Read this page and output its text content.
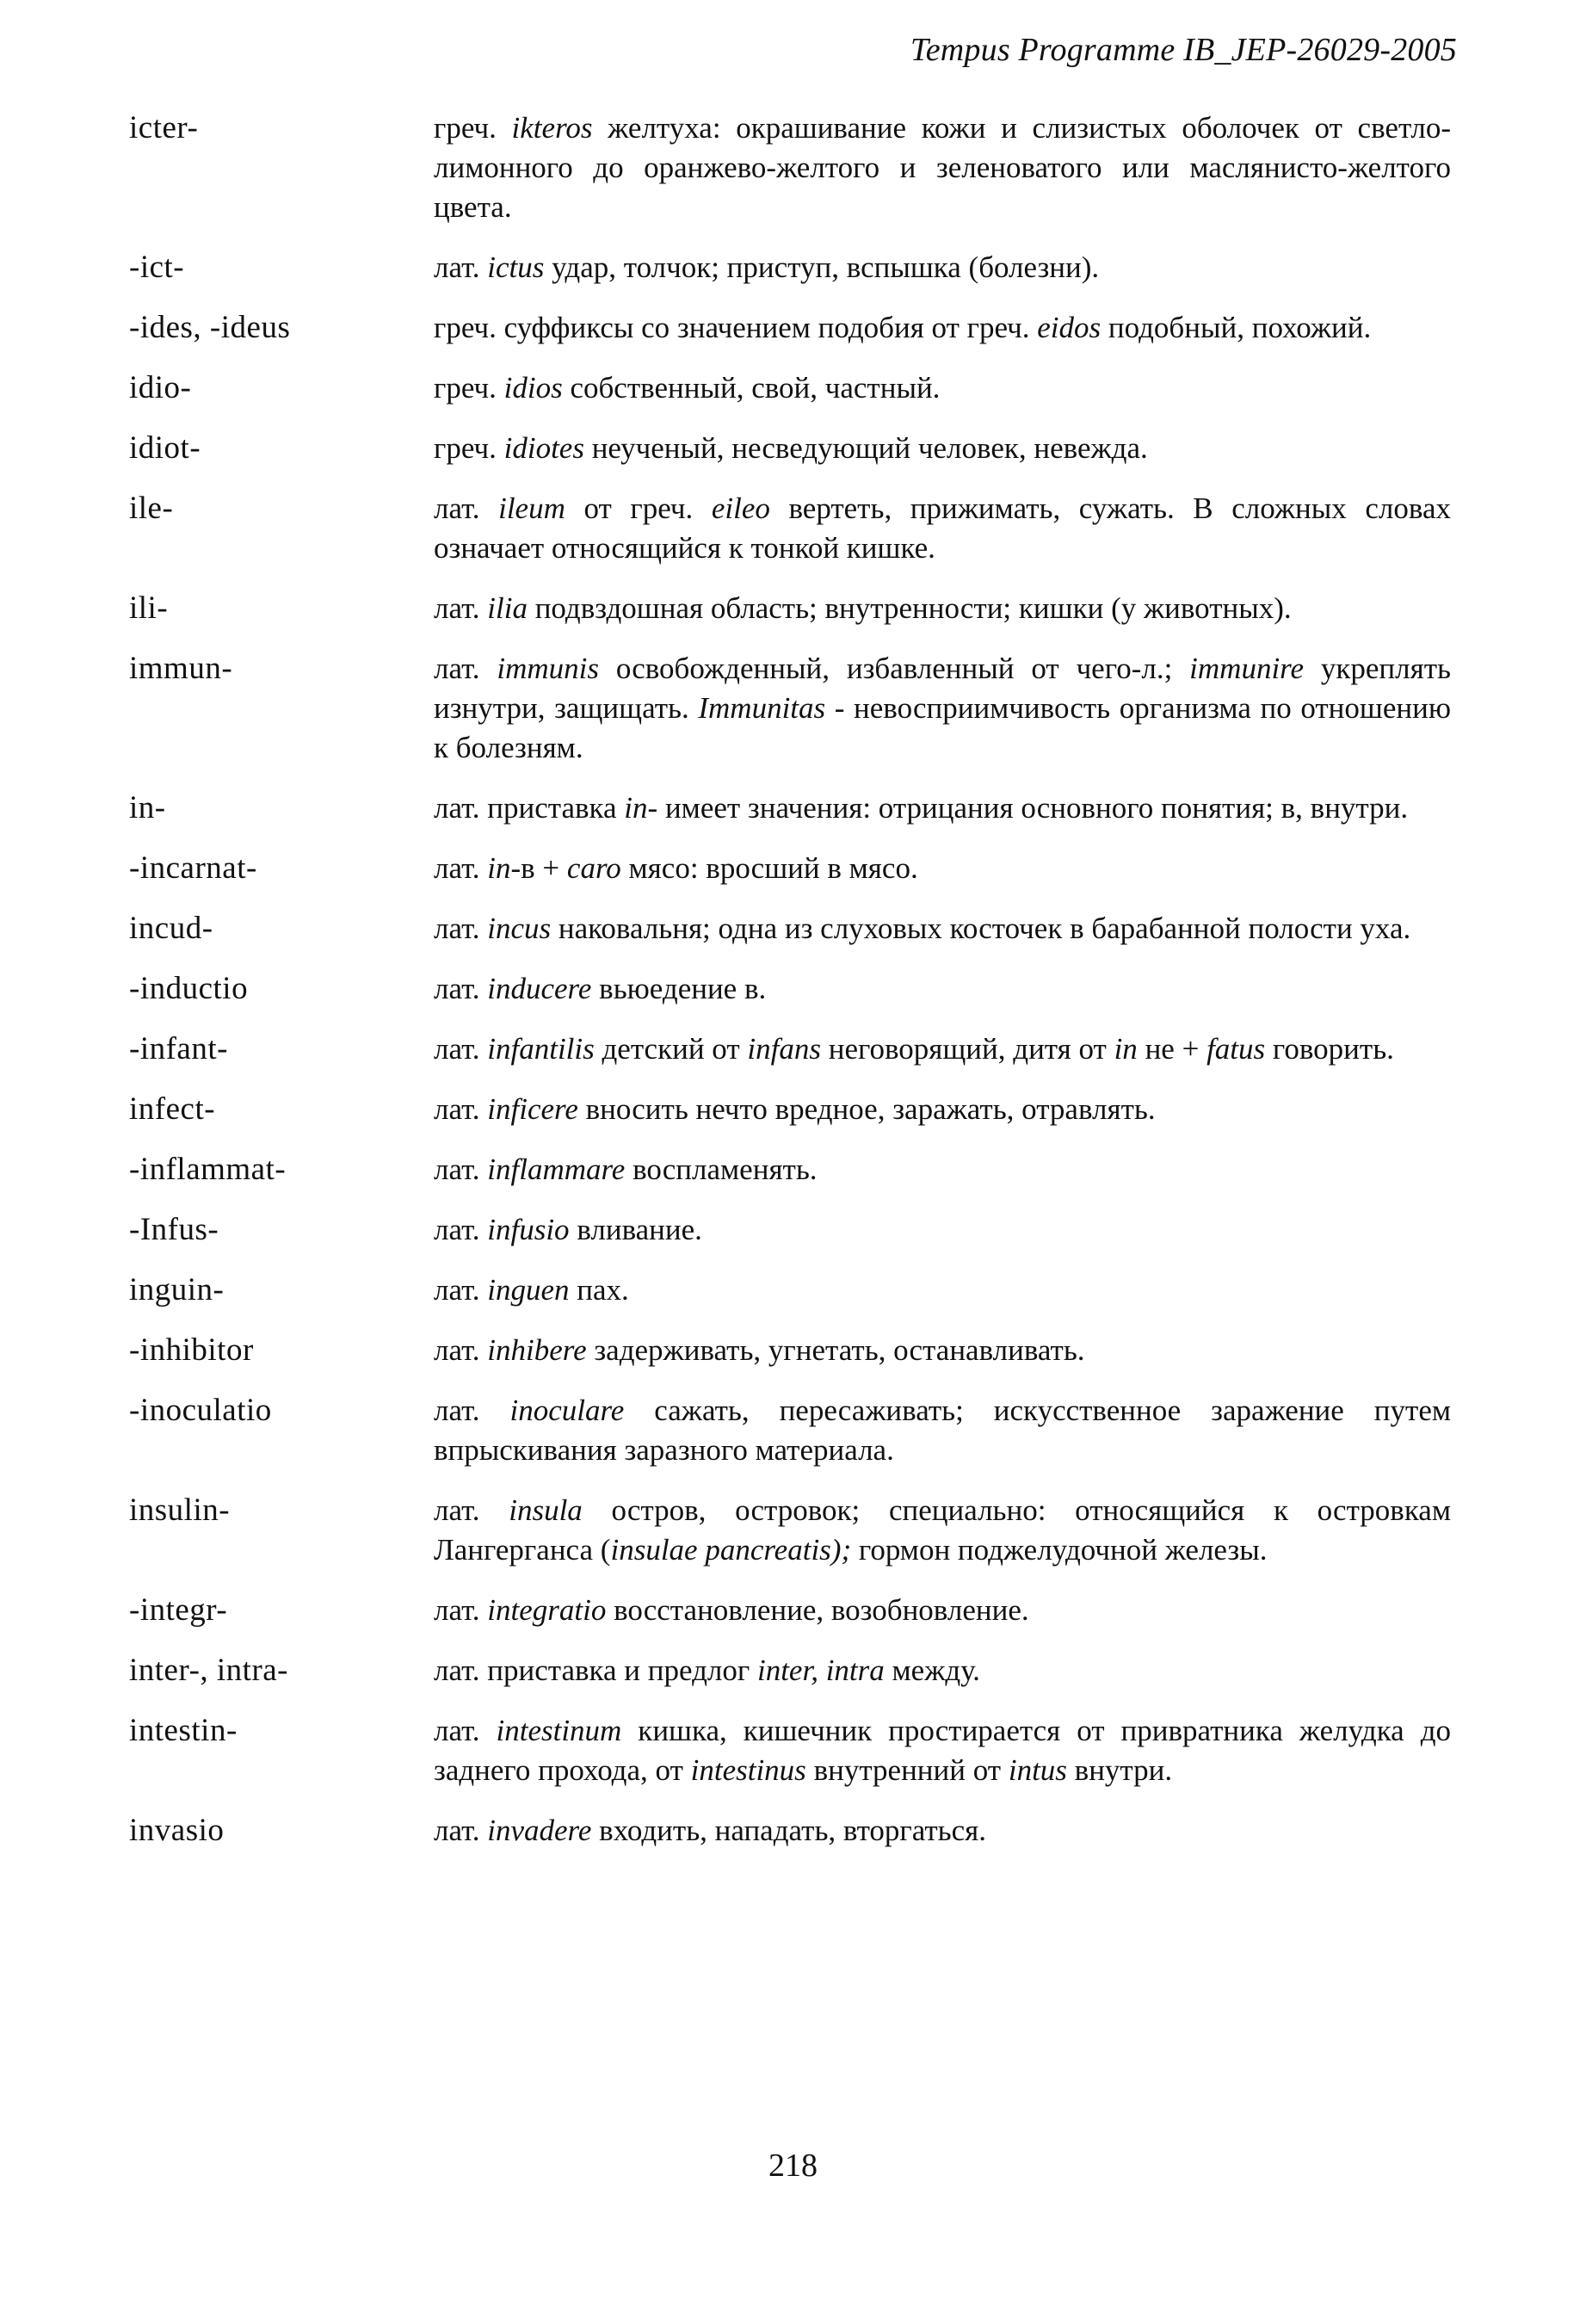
Tempus Programme IB_JEP-26029-2005
icter-	греч. ikteros желтуха: окрашивание кожи и слизистых оболочек от светло-лимонного до оранжево-желтого и зеленоватого или маслянисто-желтого цвета.
-ict-	лат. ictus удар, толчок; приступ, вспышка (болезни).
-ides, -ideus	греч. суффиксы со значением подобия от греч. eidos подобный, похожий.
idio-	греч. idios собственный, свой, частный.
idiot-	греч. idiotes неученый, несведующий человек, невежда.
ile-	лат. ileum от греч. eileo вертеть, прижимать, сужать. В сложных словах означает относящийся к тонкой кишке.
ili-	лат. ilia подвздошная область; внутренности; кишки (у животных).
immun-	лат. immunis освобожденный, избавленный от чего-л.; immunire укреплять изнутри, защищать. Immunitas - невосприимчивость организма по отношению к болезням.
in-	лат. приставка in- имеет значения: отрицания основного понятия; в, внутри.
-incarnat-	лат. in-в + caro мясо: вросший в мясо.
incud-	лат. incus наковальня; одна из слуховых косточек в барабанной полости уха.
-inductio	лат. inducere вьюедение в.
-infant-	лат. infantilis детский от infans неговорящий, дитя от in не + fatus говорить.
infect-	лат. inficere вносить нечто вредное, заражать, отравлять.
-inflammat-	лат. inflammare воспламенять.
-Infus-	лат. infusio вливание.
inguin-	лат. inguen пах.
-inhibitor	лат. inhibere задерживать, угнетать, останавливать.
-inoculatio	лат. inoculare сажать, пересаживать; искусственное заражение путем впрыскивания заразного материала.
insulin-	лат. insula остров, островок; специально: относящийся к островкам Лангерганса (insulae pancreatis); гормон поджелудочной железы.
-integr-	лат. integratio восстановление, возобновление.
inter-, intra-	лат. приставка и предлог inter, intra между.
intestin-	лат. intestinum кишка, кишечник простирается от привратника желудка до заднего прохода, от intestinus внутренний от intus внутри.
invasio	лат. invadere входить, нападать, вторгаться.
218
